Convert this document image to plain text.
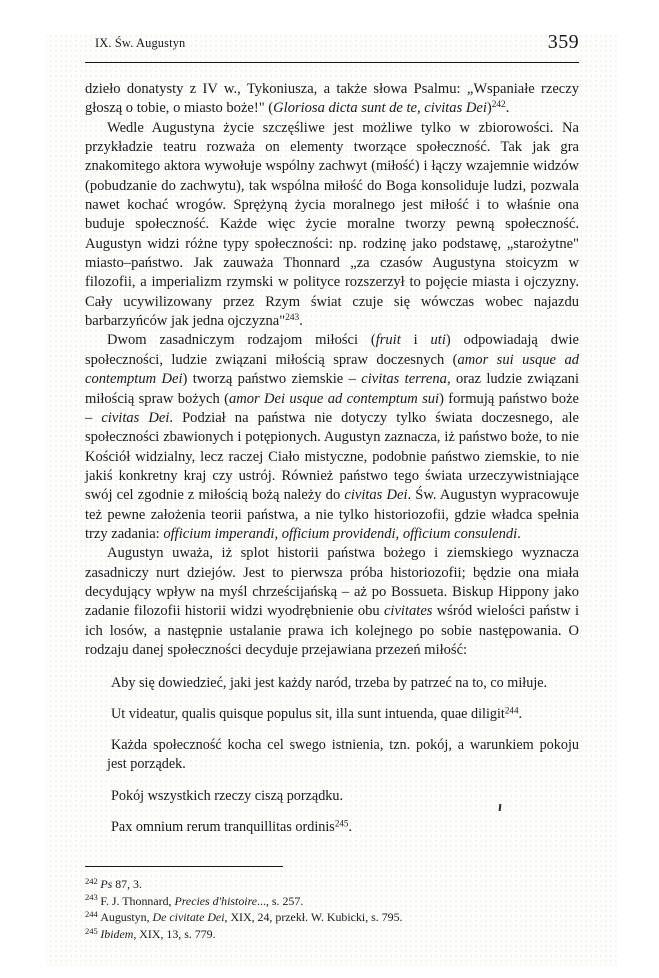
IX. Św. Augustyn	359

dzieło donatysty z IV w., Tykoniusza, a także słowa Psalmu: „Wspaniałe rzeczy głoszą o tobie, o miasto boże!" (Gloriosa dicta sunt de te, civitas Dei)$^{242}$.

Wedle Augustyna życie szczęśliwe jest możliwe tylko w zbiorowości. Na przykładzie teatru rozważa on elementy tworzące społeczność. Tak jak gra znakomitego aktora wywołuje wspólny zachwyt (miłość) i łączy wzajemnie widzów (pobudzanie do zachwytu), tak wspólna miłość do Boga konsoliduje ludzi, pozwala nawet kochać wrogów. Sprężyną życia moralnego jest miłość i to właśnie ona buduje społeczność. Każde więc życie moralne tworzy pewną społeczność. Augustyn widzi różne typy społeczności: np. rodzinę jako podstawę, „starożytne" miasto–państwo. Jak zauważa Thonnard „za czasów Augustyna stoicyzm w filozofii, a imperializm rzymski w polityce rozszerzył to pojęcie miasta i ojczyzny. Cały ucywilizowany przez Rzym świat czuje się wówczas wobec najazdu barbarzyńców jak jedna ojczyzna"$^{243}$.

Dwom zasadniczym rodzajom miłości (fruit i uti) odpowiadają dwie społeczności, ludzie związani miłością spraw doczesnych (amor sui usque ad contemptum Dei) tworzą państwo ziemskie – civitas terrena, oraz ludzie związani miłością spraw bożych (amor Dei usque ad contemptum sui) formują państwo boże – civitas Dei. Podział na państwa nie dotyczy tylko świata doczesnego, ale społeczności zbawionych i potępionych. Augustyn zaznacza, iż państwo boże, to nie Kościół widzialny, lecz raczej Ciało mistyczne, podobnie państwo ziemskie, to nie jakiś konkretny kraj czy ustrój. Również państwo tego świata urzeczywistniające swój cel zgodnie z miłością bożą należy do civitas Dei. Św. Augustyn wypracowuje też pewne założenia teorii państwa, a nie tylko historiozofii, gdzie władca spełnia trzy zadania: officium imperandi, officium providendi, officium consulendi.

Augustyn uważa, iż splot historii państwa bożego i ziemskiego wyznacza zasadniczy nurt dziejów. Jest to pierwsza próba historiozofii; będzie ona miała decydujący wpływ na myśl chrześcijańską – aż po Bossueta. Biskup Hippony jako zadanie filozofii historii widzi wyodrębnienie obu civitates wśród wielości państw i ich losów, a następnie ustalanie prawa ich kolejnego po sobie następowania. O rodzaju danej społeczności decyduje przejawiana przezeń miłość:

Aby się dowiedzieć, jaki jest każdy naród, trzeba by patrzeć na to, co miłuje.

Ut videatur, qualis quisque populus sit, illa sunt intuenda, quae diligit$^{244}$.

Każda społeczność kocha cel swego istnienia, tzn. pokój, a warunkiem pokoju jest porządek.

Pokój wszystkich rzeczy ciszą porządku.

Pax omnium rerum tranquillitas ordinis$^{245}$.

$^{242}$ Ps 87, 3.

$^{243}$ F. J. Thonnard, Precies d'histoire..., s. 257.

$^{244}$ Augustyn, De civitate Dei, XIX, 24, przekł. W. Kubicki, s. 795.

$^{245}$ Ibidem, XIX, 13, s. 779.
